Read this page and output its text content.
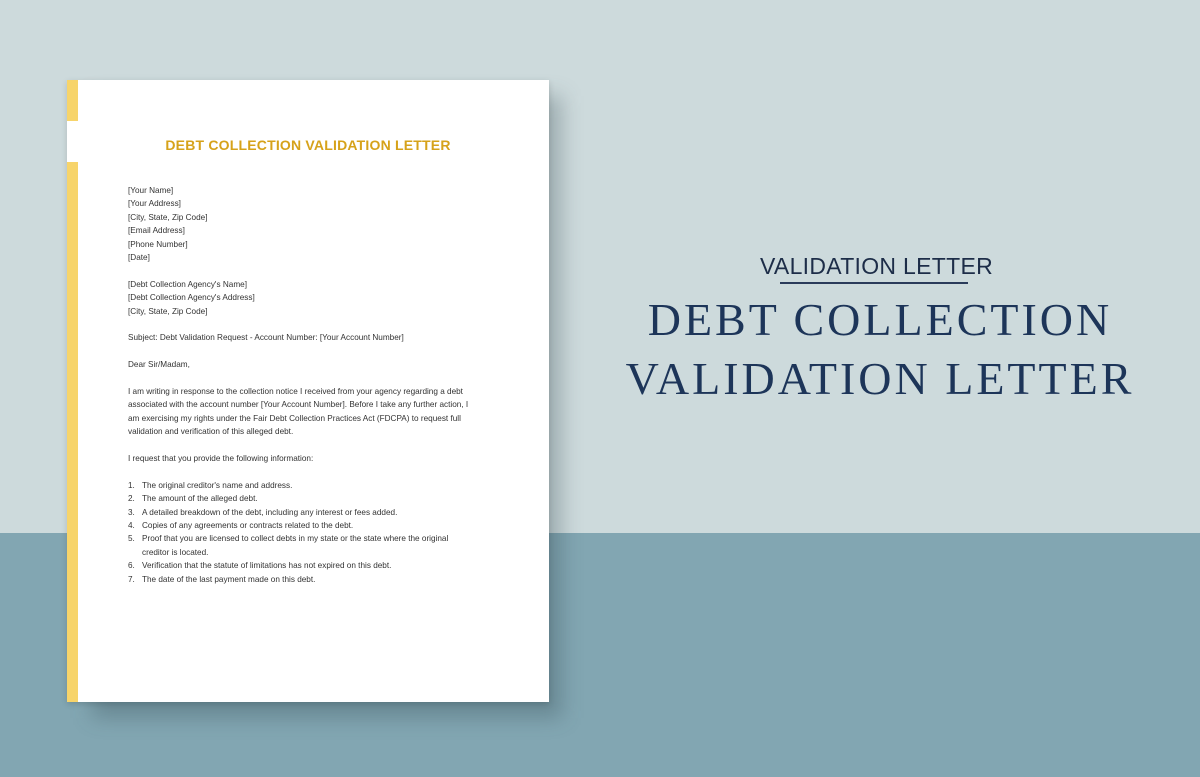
DEBT COLLECTION VALIDATION LETTER
[Your Name]
[Your Address]
[City, State, Zip Code]
[Email Address]
[Phone Number]
[Date]
[Debt Collection Agency's Name]
[Debt Collection Agency's Address]
[City, State, Zip Code]
Subject: Debt Validation Request - Account Number: [Your Account Number]
Dear Sir/Madam,
I am writing in response to the collection notice I received from your agency regarding a debt
associated with the account number [Your Account Number]. Before I take any further action, I
am exercising my rights under the Fair Debt Collection Practices Act (FDCPA) to request full
validation and verification of this alleged debt.
I request that you provide the following information:
1. The original creditor's name and address.
2. The amount of the alleged debt.
3. A detailed breakdown of the debt, including any interest or fees added.
4. Copies of any agreements or contracts related to the debt.
5. Proof that you are licensed to collect debts in my state or the state where the original
creditor is located.
6. Verification that the statute of limitations has not expired on this debt.
7. The date of the last payment made on this debt.
VALIDATION LETTER
DEBT COLLECTION
VALIDATION LETTER
